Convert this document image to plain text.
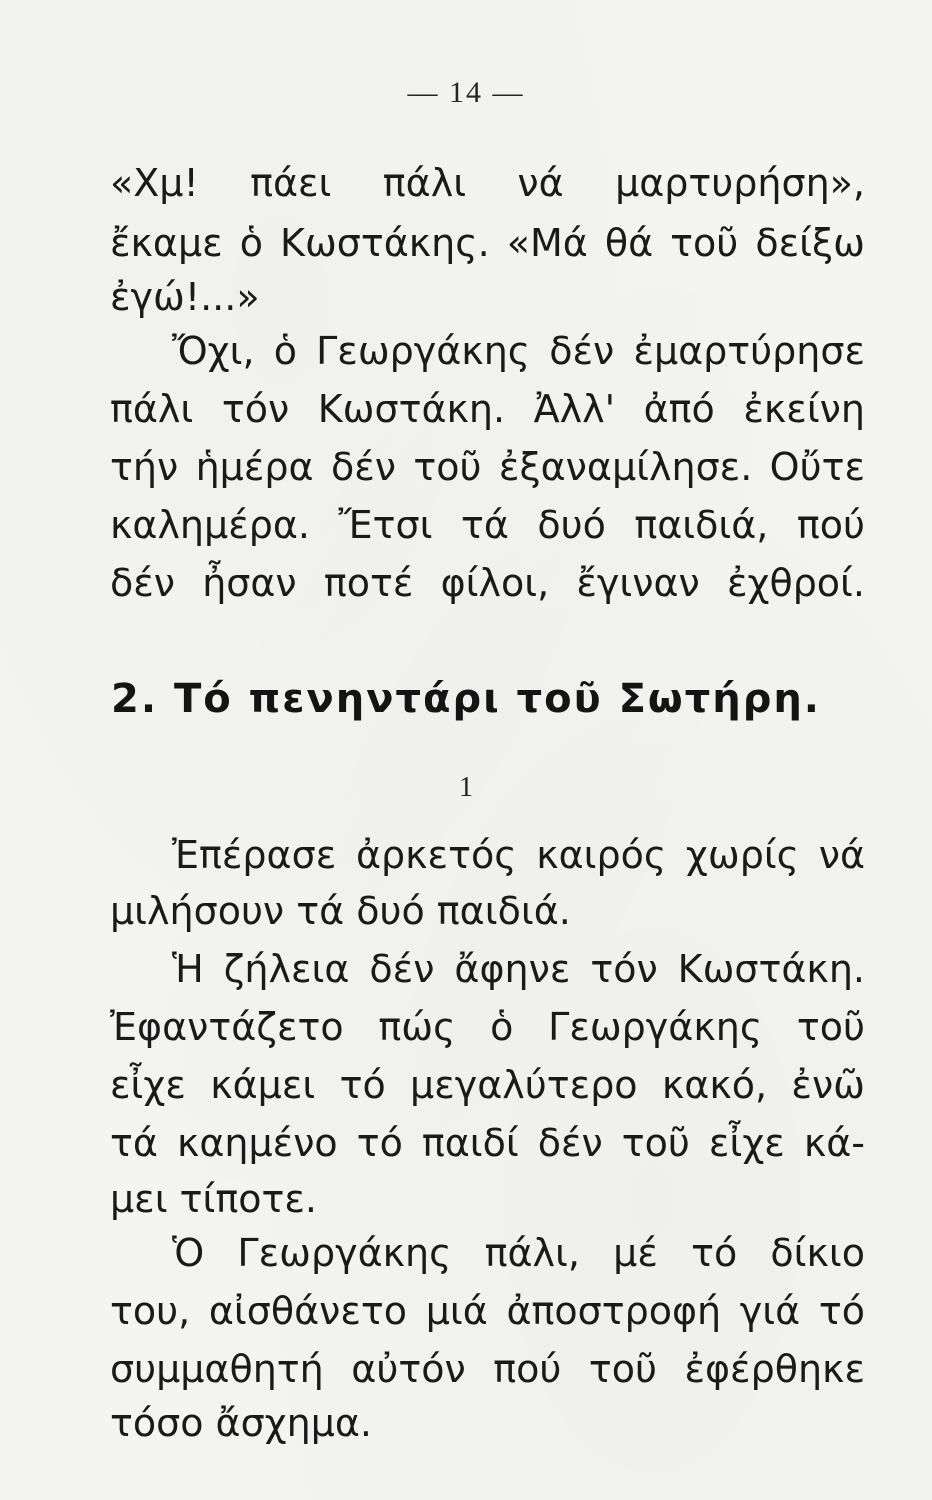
— 14 —
«Χμ! πάει πάλι νά μαρτυρήση»,
ἔκαμε ὁ Κωστάκης. «Μά θά τοῦ δείξω
ἐγώ!...»
Ὄχι, ὁ Γεωργάκης δέν ἐμαρτύρησε
πάλι τόν Κωστάκη. Ἀλλ' ἀπό ἐκείνη
τήν ἡμέρα δέν τοῦ ἐξαναμίλησε. Οὔτε
καλημέρα. Ἔτσι τά δυό παιδιά, πού
δέν ἦσαν ποτέ φίλοι, ἔγιναν ἐχθροί.
2. Τό πενηντάρι τοῦ Σωτήρη.
1
Ἐπέρασε ἀρκετός καιρός χωρίς νά
μιλήσουν τά δυό παιδιά.
Ἡ ζήλεια δέν ἄφηνε τόν Κωστάκη.
Ἐφαντάζετο πώς ὁ Γεωργάκης τοῦ
εἶχε κάμει τό μεγαλύτερο κακό, ἐνῶ
τά καημένο τό παιδί δέν τοῦ εἶχε κά-
μει τίποτε.
Ὁ Γεωργάκης πάλι, μέ τό δίκιο
του, αἰσθάνετο μιά ἀποστροφή γιά τό
συμμαθητή αὐτόν πού τοῦ ἐφέρθηκε
τόσο ἄσχημα.
